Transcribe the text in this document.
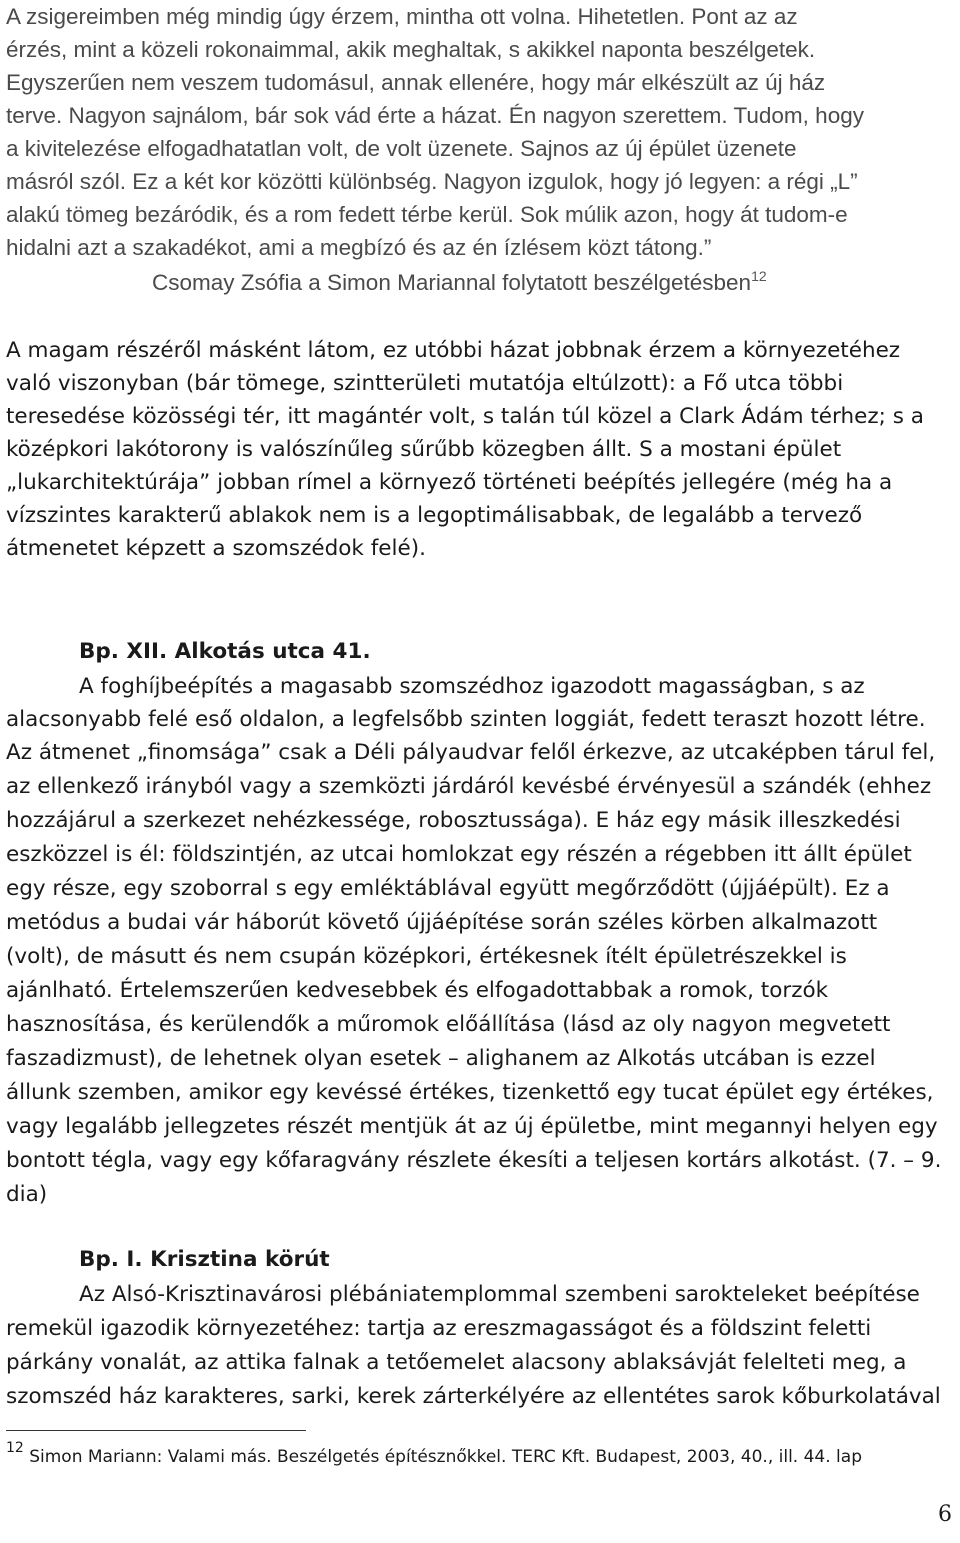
A zsigereimben még mindig úgy érzem, mintha ott volna. Hihetetlen. Pont az az
érzés, mint a közeli rokonaimmal, akik meghaltak, s akikkel naponta beszélgetek.
Egyszerűen nem veszem tudomásul, annak ellenére, hogy már elkészült az új ház
terve. Nagyon sajnálom, bár sok vád érte a házat. Én nagyon szerettem. Tudom, hogy
a kivitelezése elfogadhatatlan volt, de volt üzenete. Sajnos az új épület üzenete
másról szól. Ez a két kor közötti különbség. Nagyon izgulok, hogy jó legyen: a régi „L”
alakú tömeg bezáródik, és a rom fedett térbe kerül. Sok múlik azon, hogy át tudom-e
hidalni azt a szakadékot, ami a megbízó és az én ízlésem közt tátong.”
Csomay Zsófia a Simon Mariannal folytatott beszélgetésben$^{12}$
A magam részéről másként látom, ez utóbbi házat jobbnak érzem a környezetéhez
való viszonyban (bár tömege, szintterületi mutatója eltúlzott): a Fő utca többi
teresedése közösségi tér, itt magántér volt, s talán túl közel a Clark Ádám térhez; s a
középkori lakótorony is valószínűleg sűrűbb közegben állt. S a mostani épület
„lukarchitektúrája” jobban rímel a környező történeti beépítés jellegére (még ha a
vízszintes karakterű ablakok nem is a legoptimálisabbak, de legalább a tervező
átmenetet képzett a szomszédok felé).
Bp. XII. Alkotás utca 41.
A foghíjbeépítés a magasabb szomszédhoz igazodott magasságban, s az
alacsonyabb felé eső oldalon, a legfelsőbb szinten loggiát, fedett teraszt hozott létre.
Az átmenet „finomsága” csak a Déli pályaudvar felől érkezve, az utcaképben tárul fel,
az ellenkező irányból vagy a szemközti járdáról kevésbé érvényesül a szándék (ehhez
hozzájárul a szerkezet nehézkessége, robosztussága). E ház egy másik illeszkedési
eszközzel is él: földszintjén, az utcai homlokzat egy részén a régebben itt állt épület
egy része, egy szoborral s egy emléktáblával együtt megőrződött (újjáépült). Ez a
metódus a budai vár háborút követő újjáépítése során széles körben alkalmazott
(volt), de másutt és nem csupán középkori, értékesnek ítélt épületrészekkel is
ajánlható. Értelemszerűen kedvesebbek és elfogadottabbak a romok, torzók
hasznosítása, és kerülendők a műromok előállítása (lásd az oly nagyon megvetett
faszadizmust), de lehetnek olyan esetek – alighanem az Alkotás utcában is ezzel
állunk szemben, amikor egy kevéssé értékes, tizenkettő egy tucat épület egy értékes,
vagy legalább jellegzetes részét mentjük át az új épületbe, mint megannyi helyen egy
bontott tégla, vagy egy kőfaragvány részlete ékesíti a teljesen kortárs alkotást. (7. – 9.
dia)
Bp. I. Krisztina körút
Az Alsó-Krisztinavárosi plébániatemplommal szembeni sarokteleket beépítése
remekül igazodik környezetéhez: tartja az ereszmagasságot és a földszint feletti
párkány vonalát, az attika falnak a tetőemelet alacsony ablaksávját felelteti meg, a
szomszéd ház karakteres, sarki, kerek zárterkélyére az ellentétes sarok kőburkolatával
$^{12}$ Simon Mariann: Valami más. Beszélgetés építésznőkkel. TERC Kft. Budapest, 2003, 40., ill. 44. lap
6
